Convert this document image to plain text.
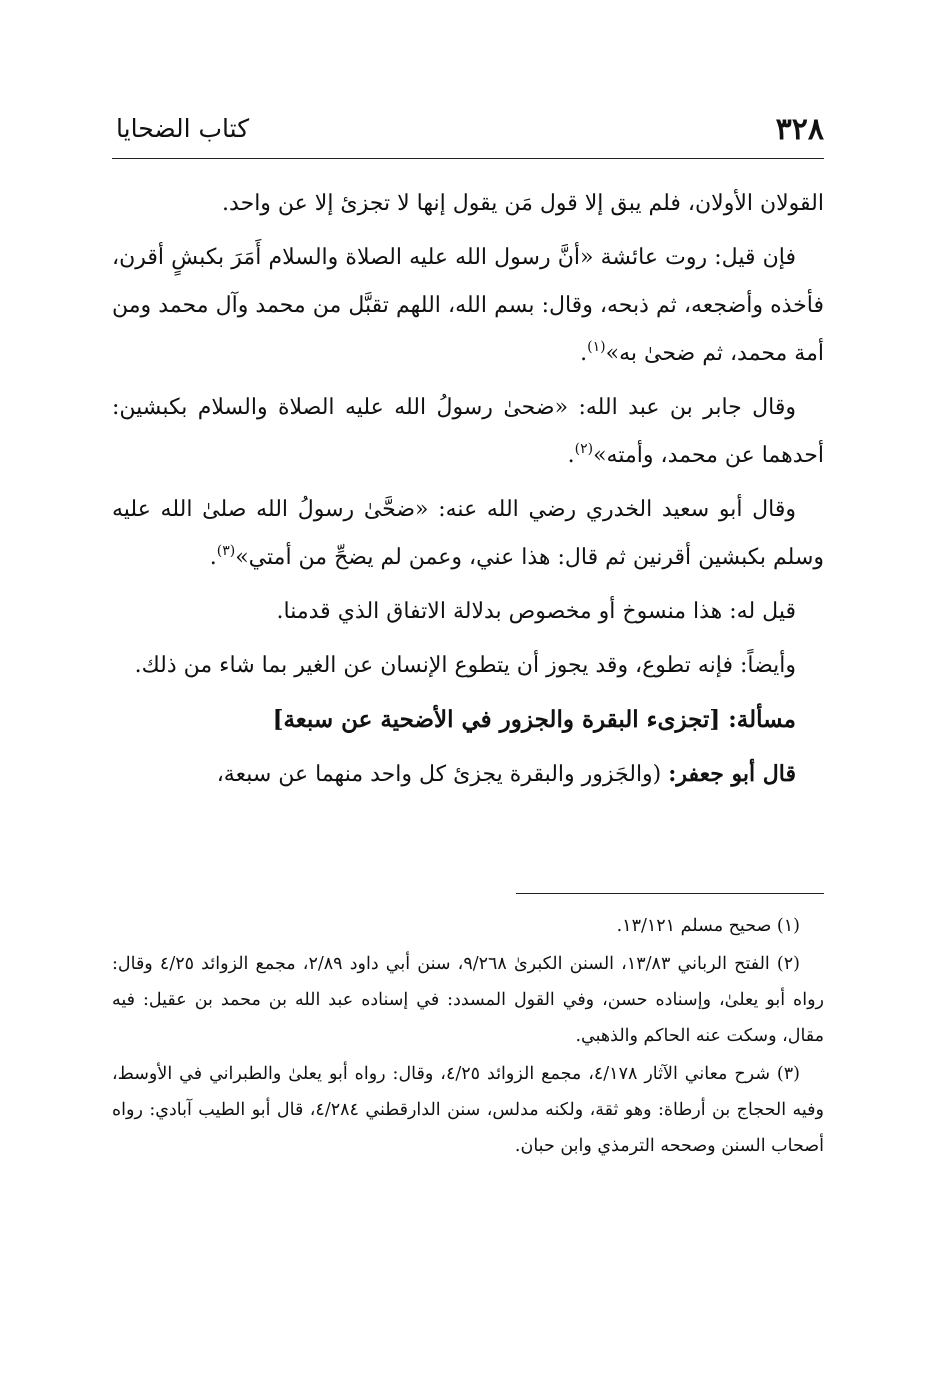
٣٢٨
كتاب الضحايا

القولان الأولان، فلم يبق إلا قول مَن يقول إنها لا تجزئ إلا عن واحد.

فإن قيل: روت عائشة «أنَّ رسول الله عليه الصلاة والسلام أَمَرَ بكبشٍ أقرن، فأخذه وأضجعه، ثم ذبحه، وقال: بسم الله، اللهم تقبَّل من محمد وآل محمد ومن أمة محمد، ثم ضحىٰ به»$^{(١)}$.

وقال جابر بن عبد الله: «ضحىٰ رسولُ الله عليه الصلاة والسلام بكبشين: أحدهما عن محمد، وأمته»$^{(٢)}$.

وقال أبو سعيد الخدري رضي الله عنه: «ضحَّىٰ رسولُ الله صلىٰ الله عليه وسلم بكبشين أقرنين ثم قال: هذا عني، وعمن لم يضحِّ من أمتي»$^{(٣)}$.

قيل له: هذا منسوخ أو مخصوص بدلالة الاتفاق الذي قدمنا.

وأيضاً: فإنه تطوع، وقد يجوز أن يتطوع الإنسان عن الغير بما شاء من ذلك.

مسألة: [تجزىء البقرة والجزور في الأضحية عن سبعة]

قال أبو جعفر: (والجَزور والبقرة يجزئ كل واحد منهما عن سبعة،

(١) صحيح مسلم ١٣/١٢١.

(٢) الفتح الرباني ١٣/٨٣، السنن الكبرىٰ ٩/٢٦٨، سنن أبي داود ٢/٨٩، مجمع الزوائد ٤/٢٥ وقال: رواه أبو يعلىٰ، وإسناده حسن، وفي القول المسدد: في إسناده عبد الله بن محمد بن عقيل: فيه مقال، وسكت عنه الحاكم والذهبي.

(٣) شرح معاني الآثار ٤/١٧٨، مجمع الزوائد ٤/٢٥، وقال: رواه أبو يعلىٰ والطبراني في الأوسط، وفيه الحجاج بن أرطاة: وهو ثقة، ولكنه مدلس، سنن الدارقطني ٤/٢٨٤، قال أبو الطيب آبادي: رواه أصحاب السنن وصححه الترمذي وابن حبان.
